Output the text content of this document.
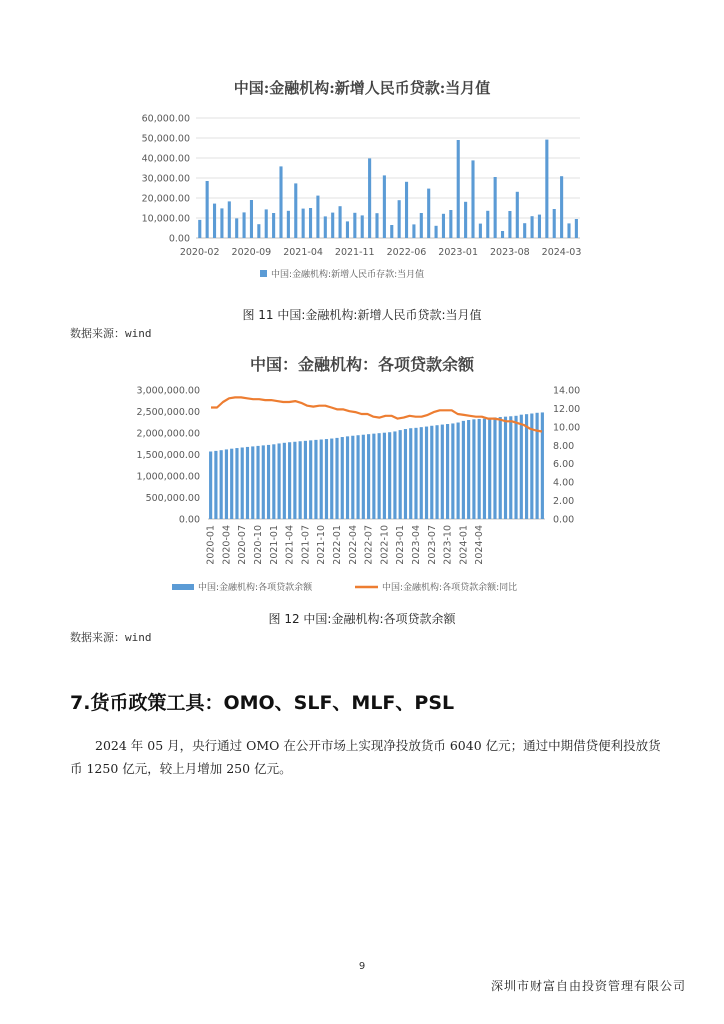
中国:金融机构:新增人民币贷款:当月值
0.00
10,000.00
20,000.00
30,000.00
40,000.00
50,000.00
60,000.00
2020-02 2020-09 2021-04 2021-11 2022-06 2023-01 2023-08 2024-03
中国:金融机构:新增人民币存款:当月值
图 11 中国:金融机构:新增人民币贷款:当月值
数据来源：wind
中国：金融机构：各项贷款余额
0.00
500,000.00
1,000,000.00
1,500,000.00
2,000,000.00
2,500,000.00
3,000,000.00
0.00
2.00
4.00
6.00
8.00
10.00
12.00
14.00
2020-01 2020-04 2020-07 2020-10 2021-01 2021-04 2021-07 2021-10 2022-01 2022-04 2022-07 2022-10 2023-01 2023-04 2023-07 2023-10 2024-01 2024-04
中国:金融机构:各项贷款余额	中国:金融机构:各项贷款余额:同比
图 12 中国:金融机构:各项贷款余额
数据来源：wind
7.货币政策工具：OMO、SLF、MLF、PSL
2024 年 05 月，央行通过 OMO 在公开市场上实现净投放货币 6040 亿元；通过中期借贷便利投放货币 1250 亿元，较上月增加 250 亿元。
9
深圳市财富自由投资管理有限公司
